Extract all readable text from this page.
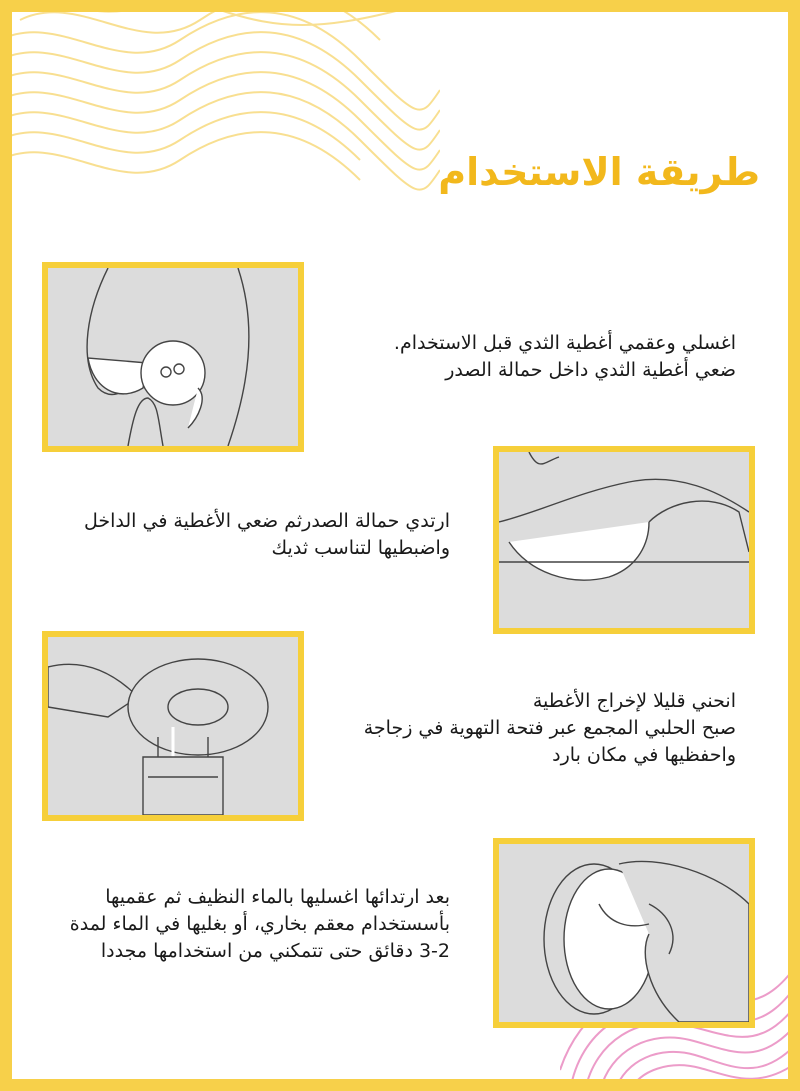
طريقة الاستخدام
اغسلي وعقمي أغطية الثدي قبل الاستخدام.
ضعي أغطية الثدي داخل حمالة الصدر
ارتدي حمالة الصدرثم ضعي الأغطية في الداخل
واضبطيها لتناسب ثديك
انحني قليلا لإخراج الأغطية
صبح الحلبي المجمع عبر فتحة التهوية في زجاجة
واحفظيها في مكان بارد
بعد ارتدائها اغسليها بالماء النظيف ثم عقميها
بأسستخدام معقم بخاري، أو بغليها في الماء لمدة
3-2 دقائق حتى تتمكني من استخدامها مجددا
